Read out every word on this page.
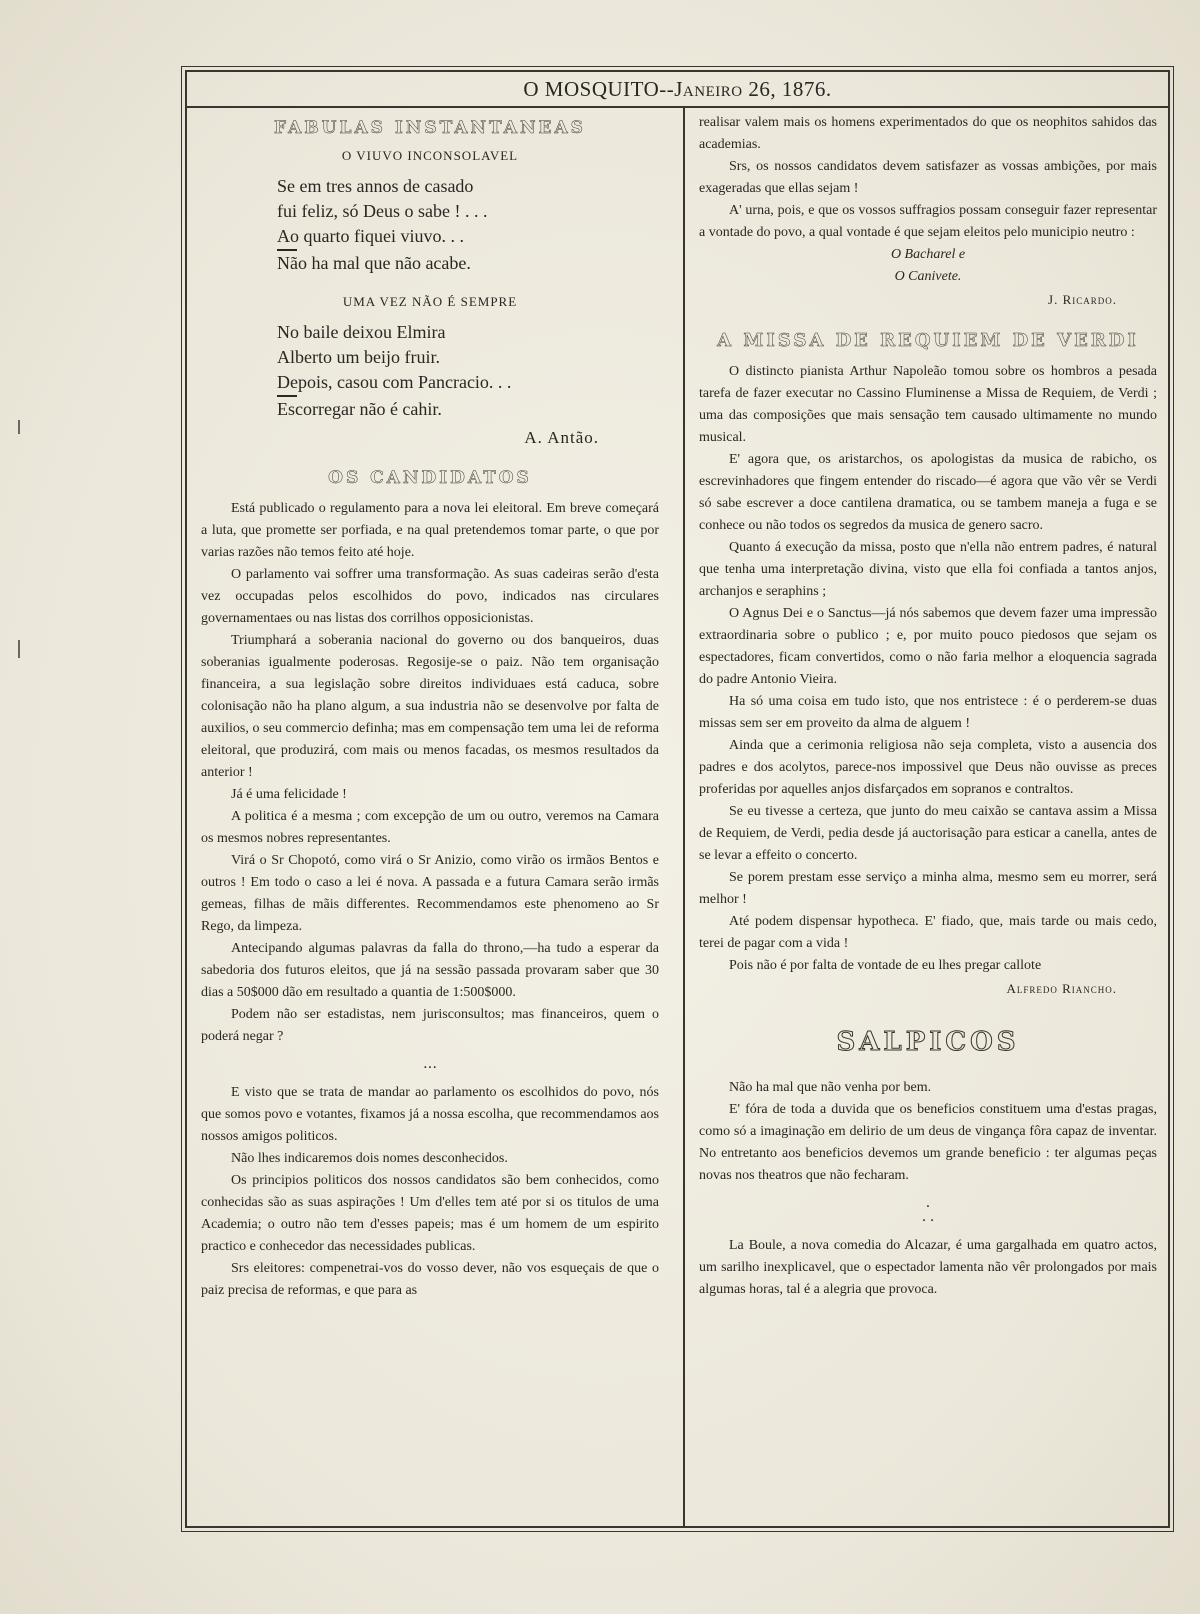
O MOSQUITO--Janeiro 26, 1876.
FABULAS INSTANTANEAS
O VIUVO INCONSOLAVEL
Se em tres annos de casado
fui feliz, só Deus o sabe ! . . .
Ao quarto fiquei viuvo. . .
Não ha mal que não acabe.
UMA VEZ NÃO É SEMPRE
No baile deixou Elmira
Alberto um beijo fruir.
Depois, casou com Pancracio. . .
Escorregar não é cahir.
A. Antão.
OS CANDIDATOS

Está publicado o regulamento para a nova lei eleitoral. Em breve começará a luta, que promette ser porfiada, e na qual pretendemos tomar parte, o que por varias razões não temos feito até hoje.

O parlamento vai soffrer uma transformação. As suas cadeiras serão d'esta vez occupadas pelos escolhidos do povo, indicados nas circulares governamentaes ou nas listas dos corrilhos opposicionistas.

Triumphará a soberania nacional do governo ou dos banqueiros, duas soberanias igualmente poderosas. Regosije-se o paiz. Não tem organisação financeira, a sua legislação sobre direitos individuaes está caduca, sobre colonisação não ha plano algum, a sua industria não se desenvolve por falta de auxilios, o seu commercio definha; mas em compensação tem uma lei de reforma eleitoral, que produzirá, com mais ou menos facadas, os mesmos resultados da anterior !

Já é uma felicidade !

A politica é a mesma ; com excepção de um ou outro, veremos na Camara os mesmos nobres representantes.

Virá o Sr Chopotó, como virá o Sr Anizio, como virão os irmãos Bentos e outros ! Em todo o caso a lei é nova. A passada e a futura Camara serão irmãs gemeas, filhas de mãis differentes. Recommendamos este phenomeno ao Sr Rego, da limpeza.

Antecipando algumas palavras da falla do throno,—ha tudo a esperar da sabedoria dos futuros eleitos, que já na sessão passada provaram saber que 30 dias a 50$000 dão em resultado a quantia de 1:500$000.

Podem não ser estadistas, nem jurisconsultos; mas financeiros, quem o poderá negar ?

․․․

E visto que se trata de mandar ao parlamento os escolhidos do povo, nós que somos povo e votantes, fixamos já a nossa escolha, que recommendamos aos nossos amigos politicos.

Não lhes indicaremos dois nomes desconhecidos.

Os principios politicos dos nossos candidatos são bem conhecidos, como conhecidas são as suas aspirações ! Um d'elles tem até por si os titulos de uma Academia; o outro não tem d'esses papeis; mas é um homem de um espirito practico e conhecedor das necessidades publicas.

Srs eleitores: compenetrai-vos do vosso dever, não vos esqueçais de que o paiz precisa de reformas, e que para as

realisar valem mais os homens experimentados do que os neophitos sahidos das academias.

Srs, os nossos candidatos devem satisfazer as vossas ambições, por mais exageradas que ellas sejam !

A' urna, pois, e que os vossos suffragios possam conseguir fazer representar a vontade do povo, a qual vontade é que sejam eleitos pelo municipio neutro :

O Bacharel e

O Canivete.

J. Ricardo.
A MISSA DE REQUIEM DE VERDI

O distincto pianista Arthur Napoleão tomou sobre os hombros a pesada tarefa de fazer executar no Cassino Fluminense a Missa de Requiem, de Verdi ; uma das composições que mais sensação tem causado ultimamente no mundo musical.

E' agora que, os aristarchos, os apologistas da musica de rabicho, os escrevinhadores que fingem entender do riscado—é agora que vão vêr se Verdi só sabe escrever a doce cantilena dramatica, ou se tambem maneja a fuga e se conhece ou não todos os segredos da musica de genero sacro.

Quanto á execução da missa, posto que n'ella não entrem padres, é natural que tenha uma interpretação divina, visto que ella foi confiada a tantos anjos, archanjos e seraphins ;

O Agnus Dei e o Sanctus—já nós sabemos que devem fazer uma impressão extraordinaria sobre o publico ; e, por muito pouco piedosos que sejam os espectadores, ficam convertidos, como o não faria melhor a eloquencia sagrada do padre Antonio Vieira.

Ha só uma coisa em tudo isto, que nos entristece : é o perderem-se duas missas sem ser em proveito da alma de alguem !

Ainda que a cerimonia religiosa não seja completa, visto a ausencia dos padres e dos acolytos, parece-nos impossivel que Deus não ouvisse as preces proferidas por aquelles anjos disfarçados em sopranos e contraltos.

Se eu tivesse a certeza, que junto do meu caixão se cantava assim a Missa de Requiem, de Verdi, pedia desde já auctorisação para esticar a canella, antes de se levar a effeito o concerto.

Se porem prestam esse serviço a minha alma, mesmo sem eu morrer, será melhor !

Até podem dispensar hypotheca. E' fiado, que, mais tarde ou mais cedo, terei de pagar com a vida !

Pois não é por falta de vontade de eu lhes pregar callote

Alfredo Riancho.
SALPICOS

Não ha mal que não venha por bem.

E' fóra de toda a duvida que os beneficios constituem uma d'estas pragas, como só a imaginação em delirio de um deus de vingança fôra capaz de inventar. No entretanto aos beneficios devemos um grande beneficio : ter algumas peças novas nos theatros que não fecharam.

․
․ ․

La Boule, a nova comedia do Alcazar, é uma gargalhada em quatro actos, um sarilho inexplicavel, que o espectador lamenta não vêr prolongados por mais algumas horas, tal é a alegria que provoca.
